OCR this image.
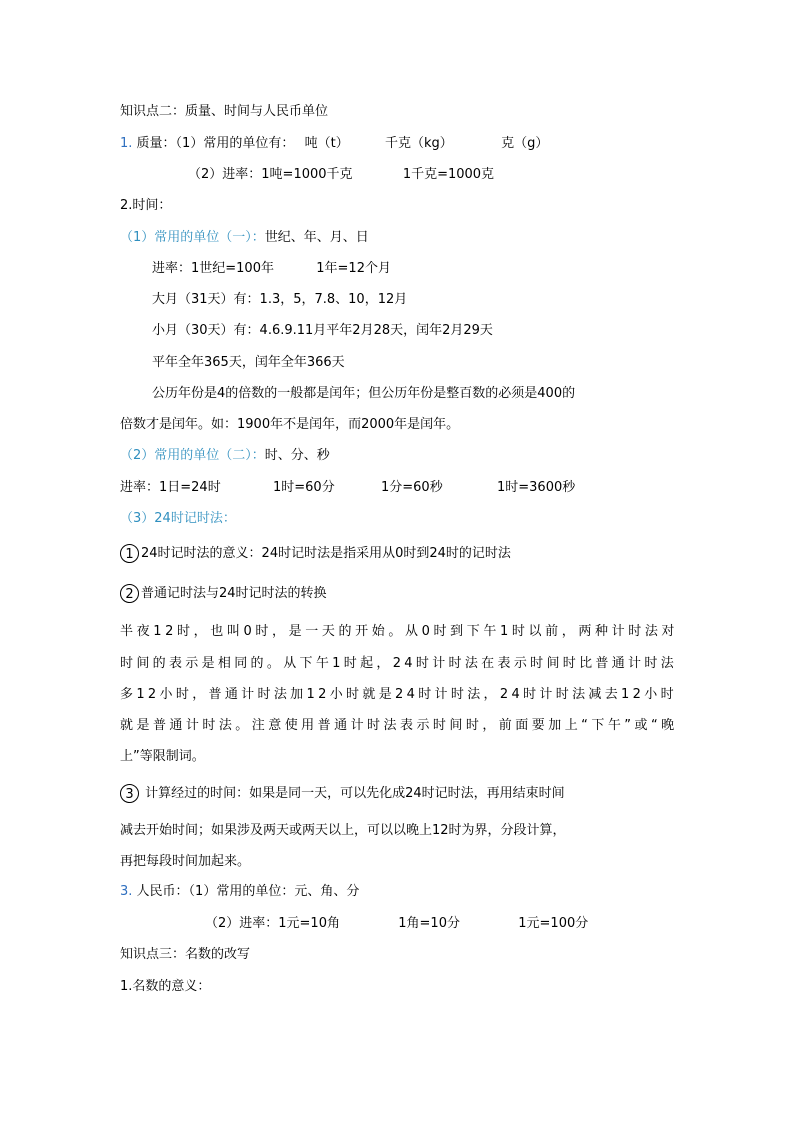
知识点二：质量、时间与人民币单位
1. 质量：（1）常用的单位有： 吨（t）	千克（kg）	克（g）
（2）进率：1吨=1000千克	1千克=1000克
2.时间：
（1）常用的单位（一）：世纪、年、月、日
进率：1世纪=100年	1年=12个月
大月（31天）有：1.3，5，7.8、10，12月
小月（30天）有：4.6.9.11月平年2月28天，闰年2月29天
平年全年365天，闰年全年366天
公历年份是4的倍数的一般都是闰年；但公历年份是整百数的必须是400的
倍数才是闰年。如：1900年不是闰年，而2000年是闰年。
（2）常用的单位（二）：时、分、秒
进率：1日=24时	1时=60分	1分=60秒	1时=3600秒
（3）24时记时法：
1 24时记时法的意义：24时记时法是指采用从0时到24时的记时法
2 普通记时法与24时记时法的转换
半夜12时，也叫0时，是一天的开始。从0时到下午1时以前，两种计时法对
时间的表示是相同的。从下午1时起，24时计时法在表示时间时比普通计时法
多12小时，普通计时法加12小时就是24时计时法，24时计时法减去12小时
就是普通计时法。注意使用普通计时法表示时间时，前面要加上“下午”或“晚
上”等限制词。
3 计算经过的时间：如果是同一天，可以先化成24时记时法，再用结束时间
减去开始时间；如果涉及两天或两天以上，可以以晚上12时为界，分段计算，
再把每段时间加起来。
3. 人民币：（1）常用的单位：元、角、分
（2）进率：1元=10角	1角=10分	1元=100分
知识点三：名数的改写
1.名数的意义：
